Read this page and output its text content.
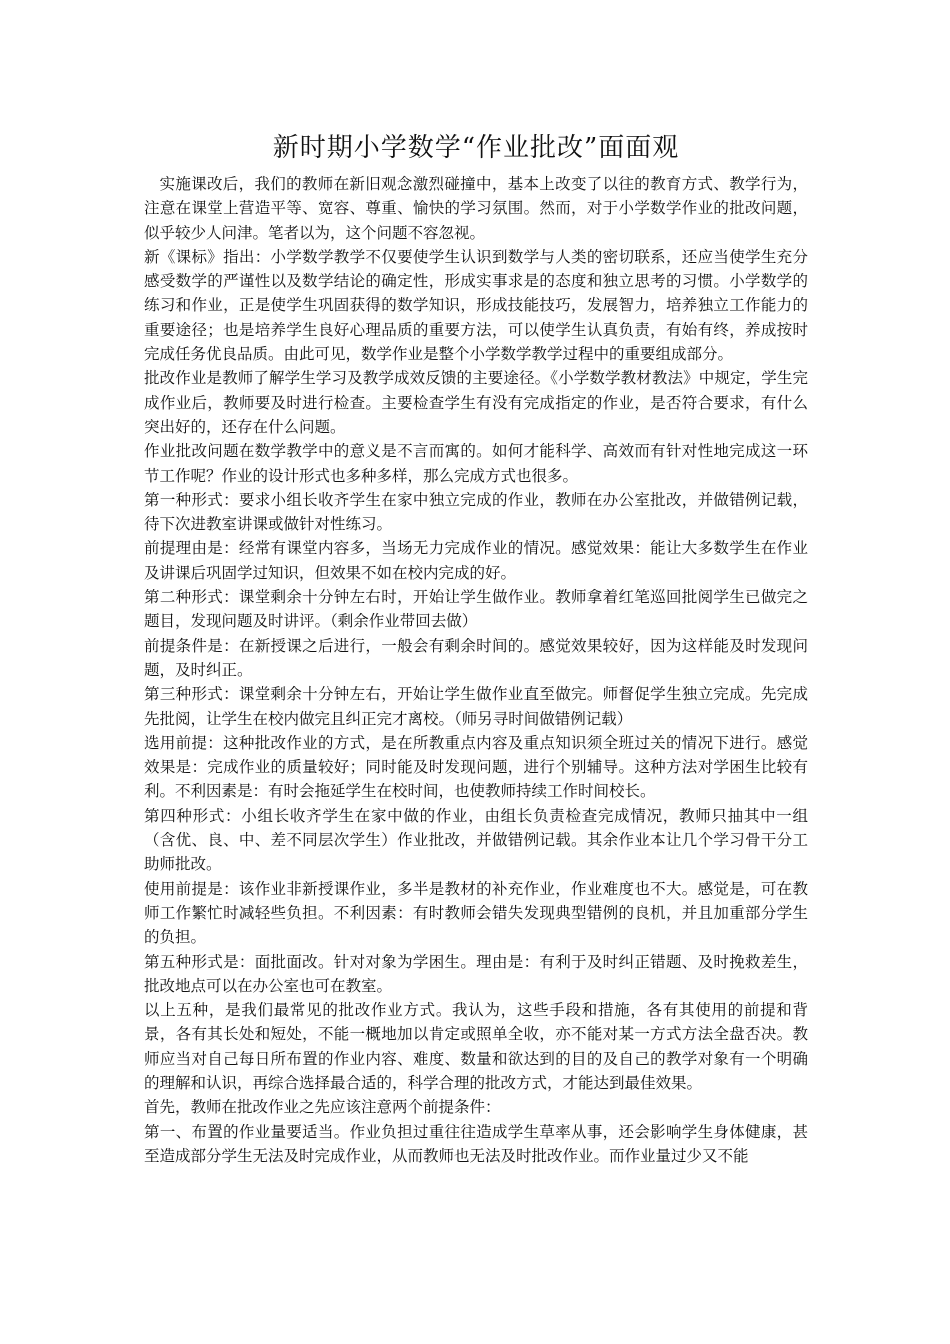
新时期小学数学“作业批改”面面观

实施课改后，我们的教师在新旧观念激烈碰撞中，基本上改变了以往的教育方式、教学行为，注意在课堂上营造平等、宽容、尊重、愉快的学习氛围。然而，对于小学数学作业的批改问题，似乎较少人问津。笔者以为，这个问题不容忽视。

新《课标》指出：小学数学教学不仅要使学生认识到数学与人类的密切联系，还应当使学生充分感受数学的严谨性以及数学结论的确定性，形成实事求是的态度和独立思考的习惯。小学数学的练习和作业，正是使学生巩固获得的数学知识，形成技能技巧，发展智力，培养独立工作能力的重要途径；也是培养学生良好心理品质的重要方法，可以使学生认真负责，有始有终，养成按时完成任务优良品质。由此可见，数学作业是整个小学数学教学过程中的重要组成部分。

批改作业是教师了解学生学习及教学成效反馈的主要途径。《小学数学教材教法》中规定，学生完成作业后，教师要及时进行检查。主要检查学生有没有完成指定的作业，是否符合要求，有什么突出好的，还存在什么问题。

作业批改问题在数学教学中的意义是不言而寓的。如何才能科学、高效而有针对性地完成这一环节工作呢？作业的设计形式也多种多样，那么完成方式也很多。

第一种形式：要求小组长收齐学生在家中独立完成的作业，教师在办公室批改，并做错例记载，待下次进教室讲课或做针对性练习。

前提理由是：经常有课堂内容多，当场无力完成作业的情况。感觉效果：能让大多数学生在作业及讲课后巩固学过知识，但效果不如在校内完成的好。

第二种形式：课堂剩余十分钟左右时，开始让学生做作业。教师拿着红笔巡回批阅学生已做完之题目，发现问题及时讲评。（剩余作业带回去做）

前提条件是：在新授课之后进行，一般会有剩余时间的。感觉效果较好，因为这样能及时发现问题，及时纠正。

第三种形式：课堂剩余十分钟左右，开始让学生做作业直至做完。师督促学生独立完成。先完成先批阅，让学生在校内做完且纠正完才离校。（师另寻时间做错例记载）

选用前提：这种批改作业的方式，是在所教重点内容及重点知识须全班过关的情况下进行。感觉效果是：完成作业的质量较好；同时能及时发现问题，进行个别辅导。这种方法对学困生比较有利。不利因素是：有时会拖延学生在校时间，也使教师持续工作时间校长。

第四种形式：小组长收齐学生在家中做的作业，由组长负责检查完成情况，教师只抽其中一组（含优、良、中、差不同层次学生）作业批改，并做错例记载。其余作业本让几个学习骨干分工助师批改。

使用前提是：该作业非新授课作业，多半是教材的补充作业，作业难度也不大。感觉是，可在教师工作繁忙时减轻些负担。不利因素：有时教师会错失发现典型错例的良机，并且加重部分学生的负担。

第五种形式是：面批面改。针对对象为学困生。理由是：有利于及时纠正错题、及时挽救差生，批改地点可以在办公室也可在教室。

以上五种，是我们最常见的批改作业方式。我认为，这些手段和措施，各有其使用的前提和背景，各有其长处和短处，不能一概地加以肯定或照单全收，亦不能对某一方式方法全盘否决。教师应当对自己每日所布置的作业内容、难度、数量和欲达到的目的及自己的教学对象有一个明确的理解和认识，再综合选择最合适的，科学合理的批改方式，才能达到最佳效果。

首先，教师在批改作业之先应该注意两个前提条件：

第一、布置的作业量要适当。作业负担过重往往造成学生草率从事，还会影响学生身体健康，甚至造成部分学生无法及时完成作业，从而教师也无法及时批改作业。而作业量过少又不能
